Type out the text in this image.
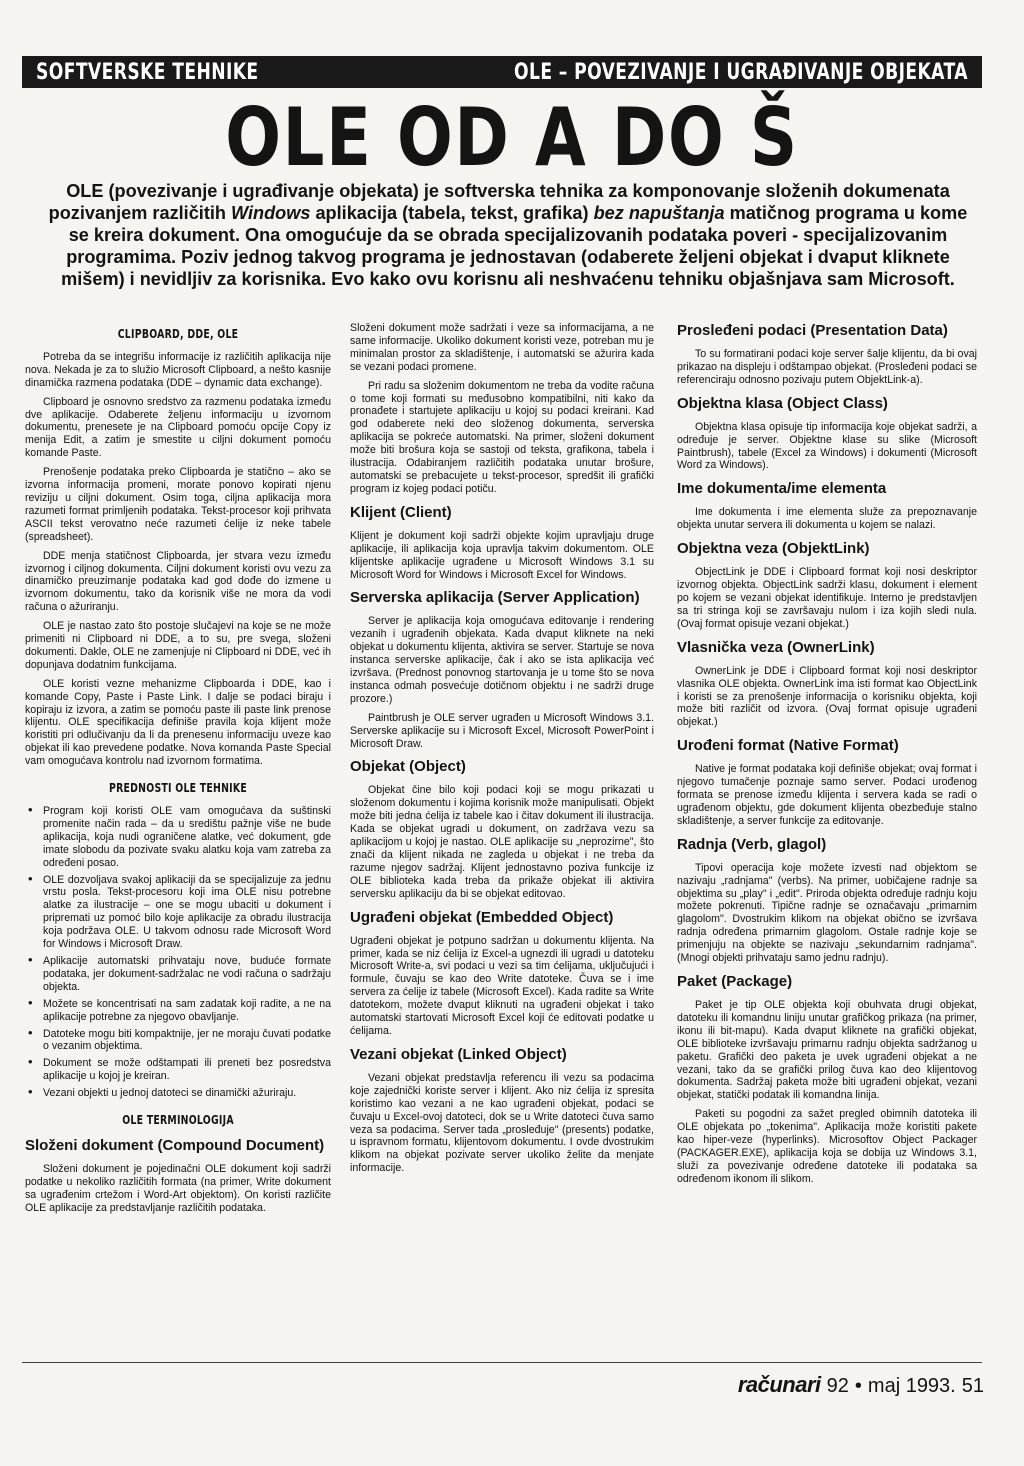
SOFTVERSKE TEHNIKE	OLE – POVEZIVANJE I UGRAĐIVANJE OBJEKATA
OLE OD A DO Š
OLE (povezivanje i ugrađivanje objekata) je softverska tehnika za komponovanje složenih dokumenata pozivanjem različitih Windows aplikacija (tabela, tekst, grafika) bez napuštanja matičnog programa u kome se kreira dokument. Ona omogućuje da se obrada specijalizovanih podataka poveri - specijalizovanim programima. Poziv jednog takvog programa je jednostavan (odaberete željeni objekat i dvaput kliknete mišem) i nevidljiv za korisnika. Evo kako ovu korisnu ali neshvaćenu tehniku objašnjava sam Microsoft.
CLIPBOARD, DDE, OLE

Potreba da se integrišu informacije iz različitih aplikacija nije nova. Nekada je za to služio Microsoft Clipboard, a nešto kasnije dinamička razmena podataka (DDE – dynamic data exchange).

Clipboard je osnovno sredstvo za razmenu podataka između dve aplikacije. Odaberete željenu informaciju u izvornom dokumentu, prenesete je na Clipboard pomoću opcije Copy iz menija Edit, a zatim je smestite u ciljni dokument pomoću komande Paste.

Prenošenje podataka preko Clipboarda je statično – ako se izvorna informacija promeni, morate ponovo kopirati njenu reviziju u ciljni dokument. Osim toga, ciljna aplikacija mora razumeti format primljenih podataka. Tekst-procesor koji prihvata ASCII tekst verovatno neće razumeti ćelije iz neke tabele (spreadsheet).

DDE menja statičnost Clipboarda, jer stvara vezu između izvornog i ciljnog dokumenta. Ciljni dokument koristi ovu vezu za dinamičko preuzimanje podataka kad god dođe do izmene u izvornom dokumentu, tako da korisnik više ne mora da vodi računa o ažuriranju.

OLE je nastao zato što postoje slučajevi na koje se ne može primeniti ni Clipboard ni DDE, a to su, pre svega, složeni dokumenti. Dakle, OLE ne zamenjuje ni Clipboard ni DDE, već ih dopunjava dodatnim funkcijama.

OLE koristi vezne mehanizme Clipboarda i DDE, kao i komande Copy, Paste i Paste Link. I dalje se podaci biraju i kopiraju iz izvora, a zatim se pomoću paste ili paste link prenose klijentu. OLE specifikacija definiše pravila koja klijent može koristiti pri odlučivanju da li da prenesenu informaciju uveze kao objekat ili kao prevedene podatke. Nova komanda Paste Special vam omogućava kontrolu nad izvornom formatima.

PREDNOSTI OLE TEHNIKE
• Program koji koristi OLE vam omogućava da suštinski promenite način rada – da u središtu pažnje više ne bude aplikacija, koja nudi ograničene alatke, već dokument, gde imate slobodu da pozivate svaku alatku koja vam zatreba za određeni posao.
• OLE dozvoljava svakoj aplikaciji da se specijalizuje za jednu vrstu posla. Tekst-procesoru koji ima OLE nisu potrebne alatke za ilustracije – one se mogu ubaciti u dokument i pripremati uz pomoć bilo koje aplikacije za obradu ilustracija koja podržava OLE. U takvom odnosu rade Microsoft Word for Windows i Microsoft Draw.
• Aplikacije automatski prihvataju nove, buduće formate podataka, jer dokument-sadržalac ne vodi računa o sadržaju objekta.
• Možete se koncentrisati na sam zadatak koji radite, a ne na aplikacije potrebne za njegovo obavljanje.
• Datoteke mogu biti kompaktnije, jer ne moraju čuvati podatke o vezanim objektima.
• Dokument se može odštampati ili preneti bez posredstva aplikacije u kojoj je kreiran.
• Vezani objekti u jednoj datoteci se dinamički ažuriraju.
OLE TERMINOLOGIJA
Složeni dokument (Compound Document)

Složeni dokument je pojedinačni OLE dokument koji sadrži podatke u nekoliko različitih formata (na primer, Write dokument sa ugrađenim crtežom i Word-Art objektom). On koristi različite OLE aplikacije za predstavljanje različitih podataka.

Složeni dokument može sadržati i veze sa informacijama, a ne same informacije. Ukoliko dokument koristi veze, potreban mu je minimalan prostor za skladištenje, i automatski se ažurira kada se vezani podaci promene.

Pri radu sa složenim dokumentom ne treba da vodite računa o tome koji formati su međusobno kompatibilni, niti kako da pronađete i startujete aplikaciju u kojoj su podaci kreirani. Kad god odaberete neki deo složenog dokumenta, serverska aplikacija se pokreće automatski. Na primer, složeni dokument može biti brošura koja se sastoji od teksta, grafikona, tabela i ilustracija. Odabiranjem različitih podataka unutar brošure, automatski se prebacujete u tekst-procesor, spredšit ili grafički program iz kojeg podaci potiču.

Klijent (Client)

Klijent je dokument koji sadrži objekte kojim upravljaju druge aplikacije, ili aplikacija koja upravlja takvim dokumentom. OLE klijentske aplikacije ugrađene u Microsoft Windows 3.1 su Microsoft Word for Windows i Microsoft Excel for Windows.

Serverska aplikacija (Server Application)

Server je aplikacija koja omogućava editovanje i rendering vezanih i ugrađenih objekata. Kada dvaput kliknete na neki objekat u dokumentu klijenta, aktivira se server. Startuje se nova instanca serverske aplikacije, čak i ako se ista aplikacija već izvršava. (Prednost ponovnog startovanja je u tome što se nova instanca odmah posvećuje dotičnom objektu i ne sadrži druge prozore.)

Paintbrush je OLE server ugrađen u Microsoft Windows 3.1. Serverske aplikacije su i Microsoft Excel, Microsoft PowerPoint i Microsoft Draw.

Objekat (Object)

Objekat čine bilo koji podaci koji se mogu prikazati u složenom dokumentu i kojima korisnik može manipulisati. Objekt može biti jedna ćelija iz tabele kao i čitav dokument ili ilustracija. Kada se objekat ugradi u dokument, on zadržava vezu sa aplikacijom u kojoj je nastao. OLE aplikacije su „neprozirne", što znači da klijent nikada ne zagleda u objekat i ne treba da razume njegov sadržaj. Klijent jednostavno poziva funkcije iz OLE biblioteka kada treba da prikaže objekat ili aktivira serversku aplikaciju da bi se objekat editovao.

Ugrađeni objekat (Embedded Object)

Ugrađeni objekat je potpuno sadržan u dokumentu klijenta. Na primer, kada se niz ćelija iz Excel-a ugnezdi ili ugradi u datoteku Microsoft Write-a, svi podaci u vezi sa tim ćelijama, uključujući i formule, čuvaju se kao deo Write datoteke. Čuva se i ime servera za ćelije iz tabele (Microsoft Excel). Kada radite sa Write datotekom, možete dvaput kliknuti na ugrađeni objekat i tako automatski startovati Microsoft Excel koji će editovati podatke u ćelijama.

Vezani objekat (Linked Object)

Vezani objekat predstavlja referencu ili vezu sa podacima koje zajednički koriste server i klijent. Ako niz ćelija iz spresita koristimo kao vezani a ne kao ugrađeni objekat, podaci se čuvaju u Excel-ovoj datoteci, dok se u Write datoteci čuva samo veza sa podacima. Server tada „prosleđuje" (presents) podatke, u ispravnom formatu, klijentovom dokumentu. I ovde dvostrukim klikom na objekat pozivate server ukoliko želite da menjate informacije.

Prosleđeni podaci (Presentation Data)

To su formatirani podaci koje server šalje klijentu, da bi ovaj prikazao na displeju i odštampao objekat. (Prosleđeni podaci se referenciraju odnosno pozivaju putem ObjektLink-a).

Objektna klasa (Object Class)

Objektna klasa opisuje tip informacija koje objekat sadrži, a određuje je server. Objektne klase su slike (Microsoft Paintbrush), tabele (Excel za Windows) i dokumenti (Microsoft Word za Windows).

Ime dokumenta/ime elementa

Ime dokumenta i ime elementa služe za prepoznavanje objekta unutar servera ili dokumenta u kojem se nalazi.

Objektna veza (ObjektLink)

ObjectLink je DDE i Clipboard format koji nosi deskriptor izvornog objekta. ObjectLink sadrži klasu, dokument i element po kojem se vezani objekat identifikuje. Interno je predstavljen sa tri stringa koji se završavaju nulom i iza kojih sledi nula. (Ovaj format opisuje vezani objekat.)

Vlasnička veza (OwnerLink)

OwnerLink je DDE i Clipboard format koji nosi deskriptor vlasnika OLE objekta. OwnerLink ima isti format kao ObjectLink i koristi se za prenošenje informacija o korisniku objekta, koji može biti različit od izvora. (Ovaj format opisuje ugrađeni objekat.)

Urođeni format (Native Format)

Native je format podataka koji definiše objekat; ovaj format i njegovo tumačenje poznaje samo server. Podaci urođenog formata se prenose između klijenta i servera kada se radi o ugrađenom objektu, gde dokument klijenta obezbeđuje stalno skladištenje, a server funkcije za editovanje.

Radnja (Verb, glagol)

Tipovi operacija koje možete izvesti nad objektom se nazivaju „radnjama" (verbs). Na primer, uobičajene radnje sa objektima su „play" i „edit". Priroda objekta određuje radnju koju možete pokrenuti. Tipične radnje se označavaju „primarnim glagolom". Dvostrukim klikom na objekat obično se izvršava radnja određena primarnim glagolom. Ostale radnje koje se primenjuju na objekte se nazivaju „sekundarnim radnjama". (Mnogi objekti prihvataju samo jednu radnju).

Paket (Package)

Paket je tip OLE objekta koji obuhvata drugi objekat, datoteku ili komandnu liniju unutar grafičkog prikaza (na primer, ikonu ili bit-mapu). Kada dvaput kliknete na grafički objekat, OLE biblioteke izvršavaju primarnu radnju objekta sadržanog u paketu. Grafički deo paketa je uvek ugrađeni objekat a ne vezani, tako da se grafički prilog čuva kao deo klijentovog dokumenta. Sadržaj paketa može biti ugrađeni objekat, vezani objekat, statički podatak ili komandna linija.

Paketi su pogodni za sažet pregled obimnih datoteka ili OLE objekata po „tokenima". Aplikacija može koristiti pakete kao hiper-veze (hyperlinks). Microsoftov Object Packager (PACKAGER.EXE), aplikacija koja se dobija uz Windows 3.1, služi za povezivanje određene datoteke ili podataka sa određenom ikonom ili slikom.

računari 92 • maj 1993. 51
